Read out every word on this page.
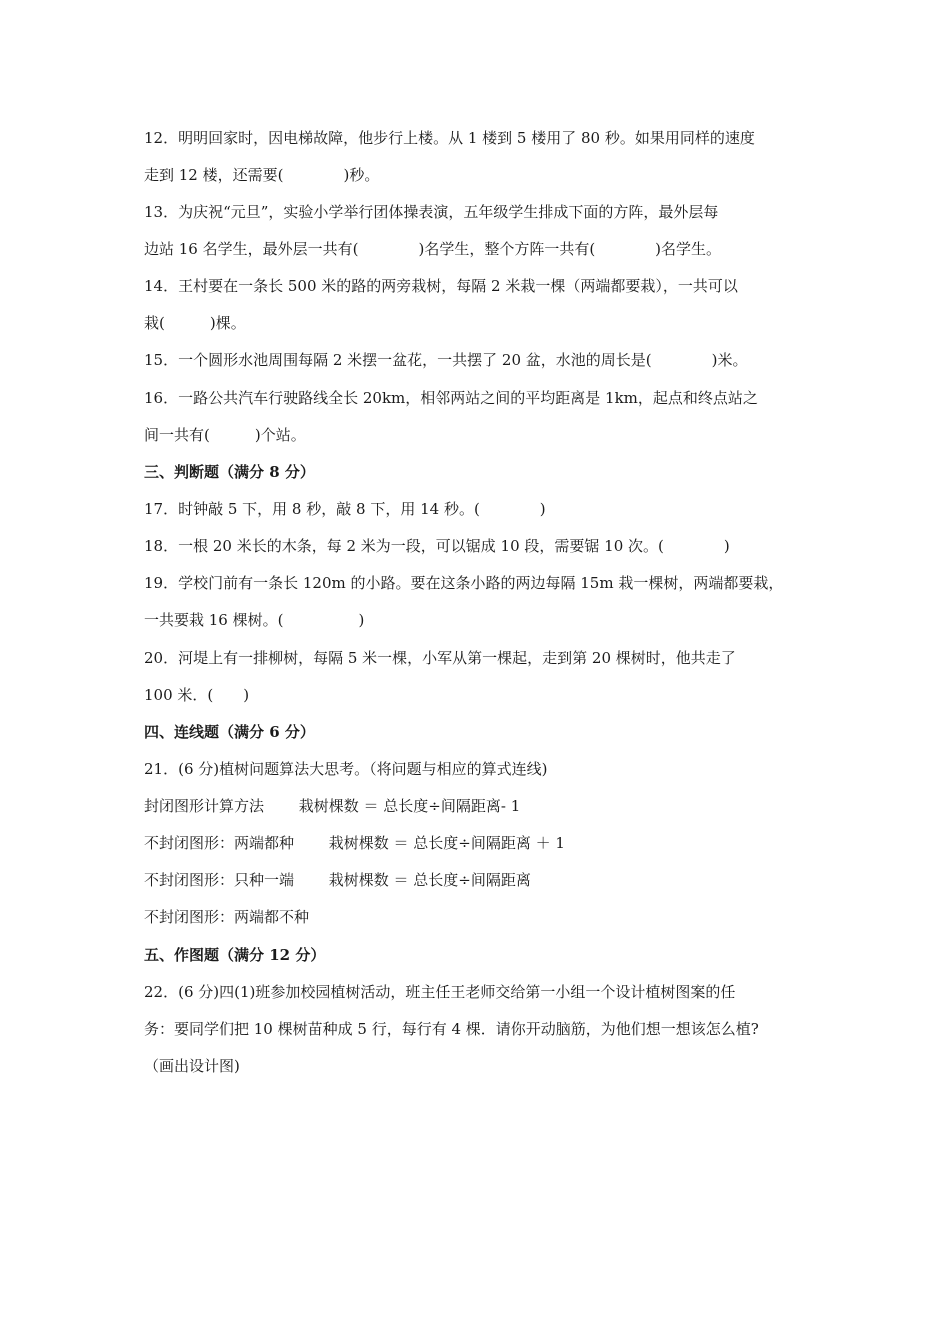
12．明明回家时，因电梯故障，他步行上楼。从 1 楼到 5 楼用了 80 秒。如果用同样的速度
走到 12 楼，还需要(　　　　)秒。
13．为庆祝“元旦”，实验小学举行团体操表演，五年级学生排成下面的方阵，最外层每
边站 16 名学生，最外层一共有(　　　　)名学生，整个方阵一共有(　　　　)名学生。
14．王村要在一条长 500 米的路的两旁栽树，每隔 2 米栽一棵（两端都要栽），一共可以
栽(　　　)棵。
15．一个圆形水池周围每隔 2 米摆一盆花，一共摆了 20 盆，水池的周长是(　　　　)米。
16．一路公共汽车行驶路线全长 20km，相邻两站之间的平均距离是 1km，起点和终点站之
间一共有(　　　)个站。
三、判断题（满分 8 分）
17．时钟敲 5 下，用 8 秒，敲 8 下，用 14 秒。(　　　　)
18．一根 20 米长的木条，每 2 米为一段，可以锯成 10 段，需要锯 10 次。(　　　　)
19．学校门前有一条长 120m 的小路。要在这条小路的两边每隔 15m 栽一棵树，两端都要栽，
一共要栽 16 棵树。(　　　　　)
20．河堤上有一排柳树，每隔 5 米一棵，小军从第一棵起，走到第 20 棵树时，他共走了
100 米．(　　)
四、连线题（满分 6 分）
21．(6 分)植树问题算法大思考。（将问题与相应的算式连线)
封闭图形计算方法　　 栽树棵数 ＝ 总长度÷间隔距离- 1
不封闭图形：两端都种　　 栽树棵数 ＝ 总长度÷间隔距离 ＋ 1
不封闭图形：只种一端　　 栽树棵数 ＝ 总长度÷间隔距离
不封闭图形：两端都不种
五、作图题（满分 12 分）
22．(6 分)四(1)班参加校园植树活动，班主任王老师交给第一小组一个设计植树图案的任
务：要同学们把 10 棵树苗种成 5 行，每行有 4 棵．请你开动脑筋，为他们想一想该怎么植?
（画出设计图)
